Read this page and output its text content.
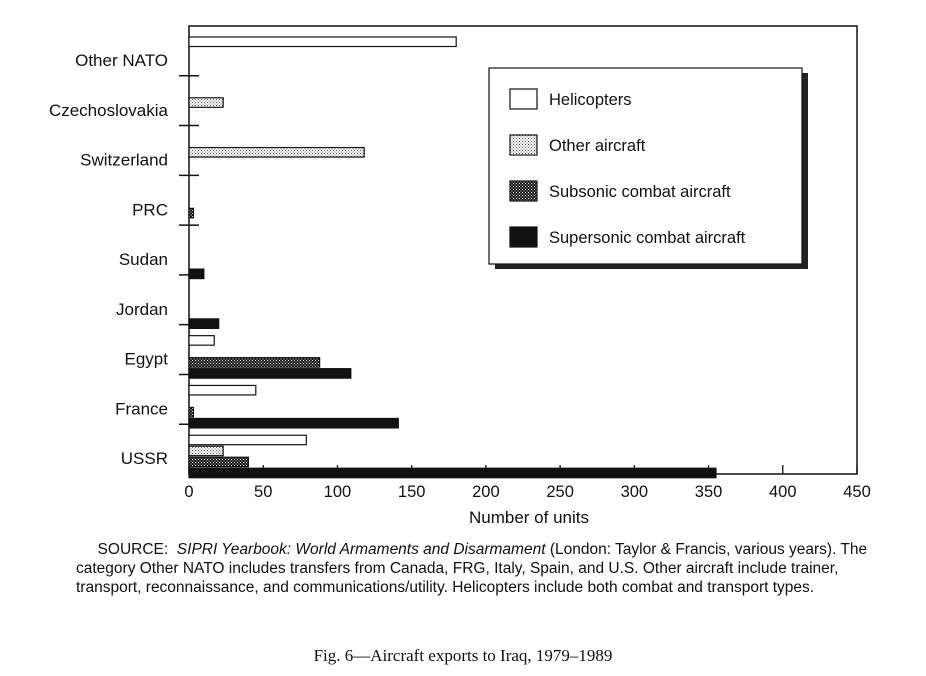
Other NATO
Czechoslovakia
Switzerland
PRC
Sudan
Jordan
Egypt
France
USSR
0	50	100	150	200	250	300	350	400	450
Number of units
Helicopters
Other aircraft
Subsonic combat aircraft
Supersonic combat aircraft
SOURCE: SIPRI Yearbook: World Armaments and Disarmament (London: Taylor & Francis, various years). The category Other NATO includes transfers from Canada, FRG, Italy, Spain, and U.S. Other aircraft include trainer, transport, reconnaissance, and communications/utility. Helicopters include both combat and transport types.
Fig. 6—Aircraft exports to Iraq, 1979–1989
